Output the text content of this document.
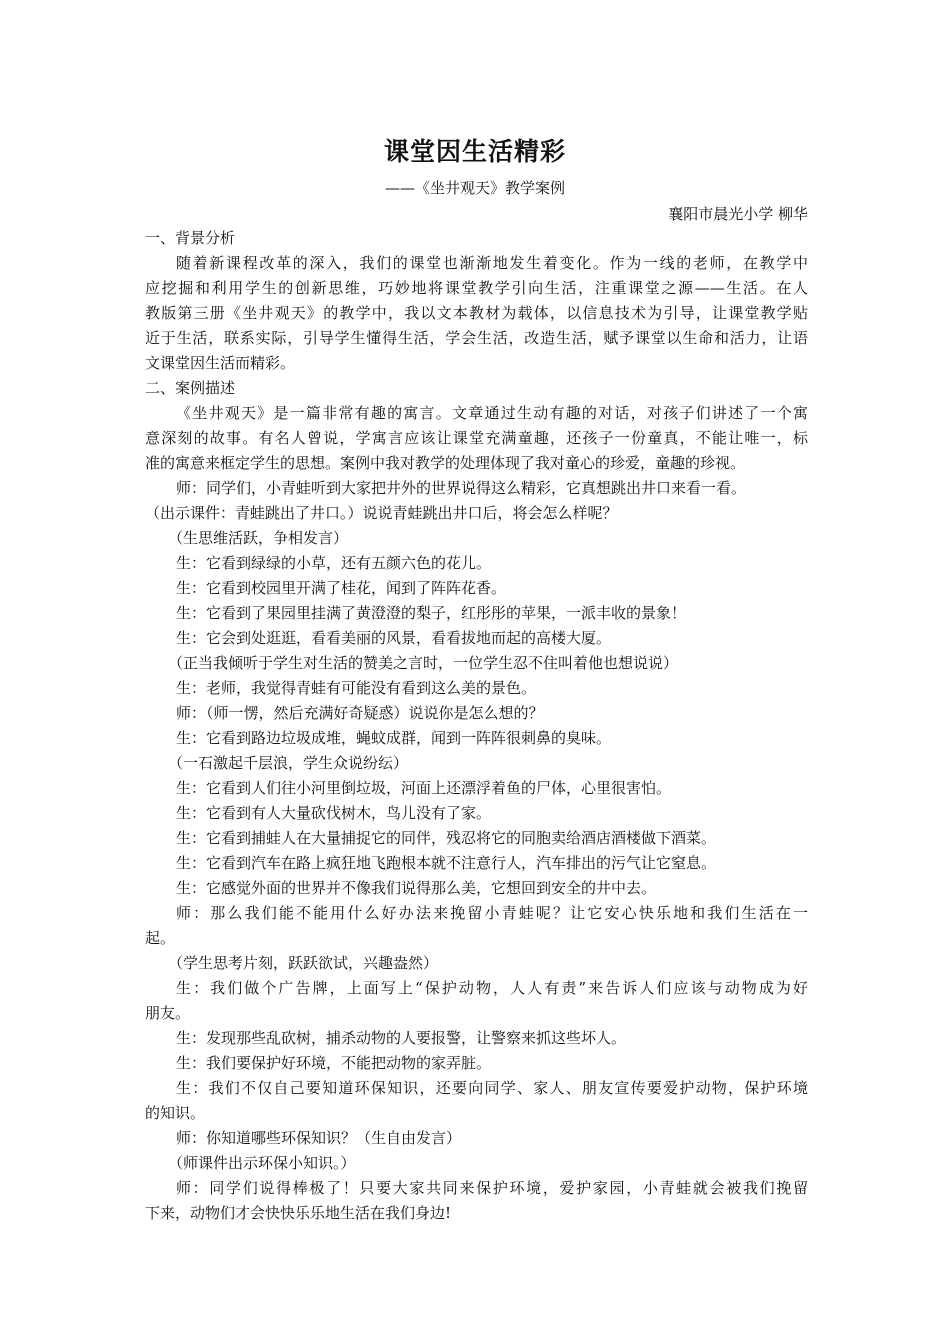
课堂因生活精彩
——《坐井观天》教学案例
襄阳市晨光小学 柳华
一、背景分析
随着新课程改革的深入，我们的课堂也渐渐地发生着变化。作为一线的老师，在教学中
应挖掘和利用学生的创新思维，巧妙地将课堂教学引向生活，注重课堂之源——生活。在人
教版第三册《坐井观天》的教学中，我以文本教材为载体，以信息技术为引导，让课堂教学贴
近于生活，联系实际，引导学生懂得生活，学会生活，改造生活，赋予课堂以生命和活力，让语
文课堂因生活而精彩。
二、案例描述
《坐井观天》是一篇非常有趣的寓言。文章通过生动有趣的对话，对孩子们讲述了一个寓
意深刻的故事。有名人曾说，学寓言应该让课堂充满童趣，还孩子一份童真，不能让唯一，标
准的寓意来框定学生的思想。案例中我对教学的处理体现了我对童心的珍爱，童趣的珍视。
师：同学们，小青蛙听到大家把井外的世界说得这么精彩，它真想跳出井口来看一看。
（出示课件：青蛙跳出了井口。）说说青蛙跳出井口后，将会怎么样呢？
（生思维活跃，争相发言）
生：它看到绿绿的小草，还有五颜六色的花儿。
生：它看到校园里开满了桂花，闻到了阵阵花香。
生：它看到了果园里挂满了黄澄澄的梨子，红彤彤的苹果，一派丰收的景象！
生：它会到处逛逛，看看美丽的风景，看看拔地而起的高楼大厦。
（正当我倾听于学生对生活的赞美之言时，一位学生忍不住叫着他也想说说）
生：老师，我觉得青蛙有可能没有看到这么美的景色。
师：（师一愣，然后充满好奇疑惑）说说你是怎么想的？
生：它看到路边垃圾成堆，蝇蚊成群，闻到一阵阵很刺鼻的臭味。
（一石激起千层浪，学生众说纷纭）
生：它看到人们往小河里倒垃圾，河面上还漂浮着鱼的尸体，心里很害怕。
生：它看到有人大量砍伐树木，鸟儿没有了家。
生：它看到捕蛙人在大量捕捉它的同伴，残忍将它的同胞卖给酒店酒楼做下酒菜。
生：它看到汽车在路上疯狂地飞跑根本就不注意行人，汽车排出的污气让它窒息。
生：它感觉外面的世界并不像我们说得那么美，它想回到安全的井中去。
师：那么我们能不能用什么好办法来挽留小青蛙呢？让它安心快乐地和我们生活在一
起。
（学生思考片刻，跃跃欲试，兴趣盎然）
生：我们做个广告牌，上面写上“保护动物，人人有责”来告诉人们应该与动物成为好
朋友。
生：发现那些乱砍树，捕杀动物的人要报警，让警察来抓这些坏人。
生：我们要保护好环境，不能把动物的家弄脏。
生：我们不仅自己要知道环保知识，还要向同学、家人、朋友宣传要爱护动物，保护环境
的知识。
师：你知道哪些环保知识？（生自由发言）
（师课件出示环保小知识。）
师：同学们说得棒极了！只要大家共同来保护环境，爱护家园，小青蛙就会被我们挽留
下来，动物们才会快快乐乐地生活在我们身边!
